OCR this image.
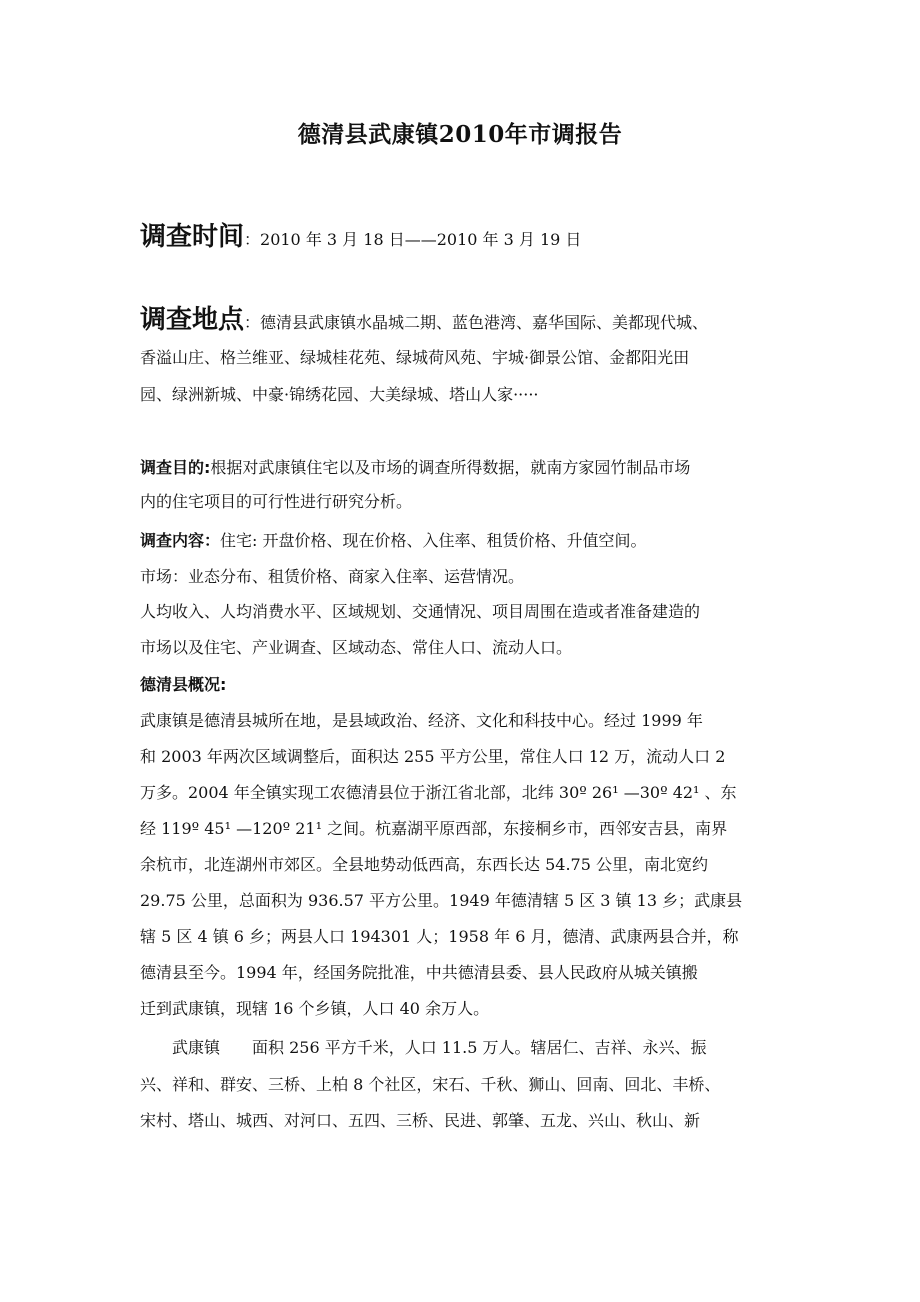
德清县武康镇2010年市调报告
调查时间：2010 年 3 月 18 日——2010 年 3 月 19 日
调查地点：德清县武康镇水晶城二期、蓝色港湾、嘉华国际、美都现代城、
香溢山庄、格兰维亚、绿城桂花苑、绿城荷风苑、宇城·御景公馆、金都阳光田
园、绿洲新城、中豪·锦绣花园、大美绿城、塔山人家·····
调查目的:根据对武康镇住宅以及市场的调查所得数据，就南方家园竹制品市场
内的住宅项目的可行性进行研究分析。
调查内容：住宅: 开盘价格、现在价格、入住率、租赁价格、升值空间。
市场：业态分布、租赁价格、商家入住率、运营情况。
人均收入、人均消费水平、区域规划、交通情况、项目周围在造或者准备建造的
市场以及住宅、产业调查、区域动态、常住人口、流动人口。
德清县概况:
武康镇是德清县城所在地，是县域政治、经济、文化和科技中心。经过 1999 年
和 2003 年两次区域调整后，面积达 255 平方公里，常住人口 12 万，流动人口 2
万多。2004 年全镇实现工农德清县位于浙江省北部，北纬 30º 26¹ —30º 42¹ 、东
经 119º 45¹ —120º 21¹ 之间。杭嘉湖平原西部，东接桐乡市，西邻安吉县，南界
余杭市，北连湖州市郊区。全县地势动低西高，东西长达 54.75 公里，南北宽约
29.75 公里，总面积为 936.57 平方公里。1949 年德清辖 5 区 3 镇 13 乡；武康县
辖 5 区 4 镇 6 乡；两县人口 194301 人；1958 年 6 月，德清、武康两县合并，称
德清县至今。1994 年，经国务院批准，中共德清县委、县人民政府从城关镇搬
迁到武康镇，现辖 16 个乡镇，人口 40 余万人。
　　武康镇　　面积 256 平方千米，人口 11.5 万人。辖居仁、吉祥、永兴、振
兴、祥和、群安、三桥、上柏 8 个社区，宋石、千秋、狮山、回南、回北、丰桥、
宋村、塔山、城西、对河口、五四、三桥、民进、郭肇、五龙、兴山、秋山、新
